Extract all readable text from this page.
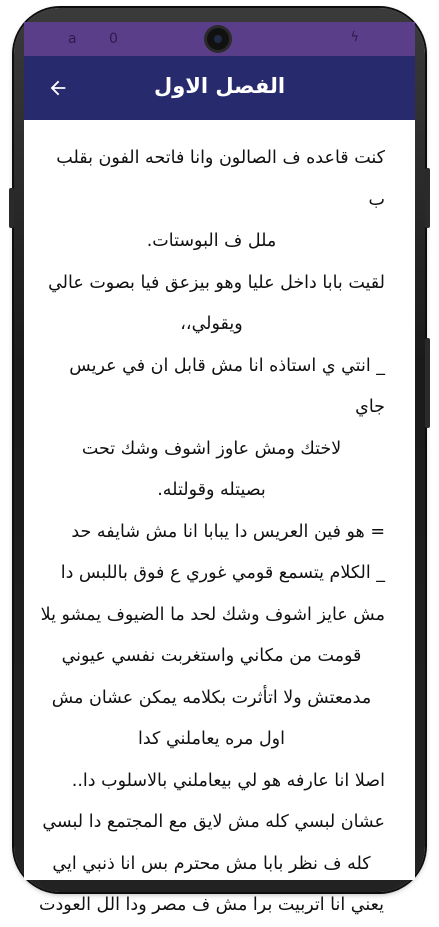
a 0	ϟ
الفصل الاول

كنت قاعده ف الصالون وانا فاتحه الفون بقلب ب

ملل ف البوستات.

لقيت بابا داخل عليا وهو بيزعق فيا بصوت عالي

ويقولي،،

_ انتي ي استاذه انا مش قابل ان في عريس جاي

لاختك ومش عاوز اشوف وشك تحت

بصيتله وقولتله.

= هو فين العريس دا يبابا انا مش شايفه حد

_ الكلام يتسمع قومي غوري ع فوق باللبس دا

مش عايز اشوف وشك لحد ما الضيوف يمشو يلا

قومت من مكاني واستغربت نفسي عيوني

مدمعتش ولا اتأثرت بكلامه يمكن عشان مش

اول مره يعاملني كدا

اصلا انا عارفه هو لي بيعاملني بالاسلوب دا..

عشان لبسي كله مش لايق مع المجتمع دا لبسي

كله ف نظر بابا مش محترم بس انا ذنبي ايي

يعني انا اتربيت برا مش ف مصر ودا الل العودت
